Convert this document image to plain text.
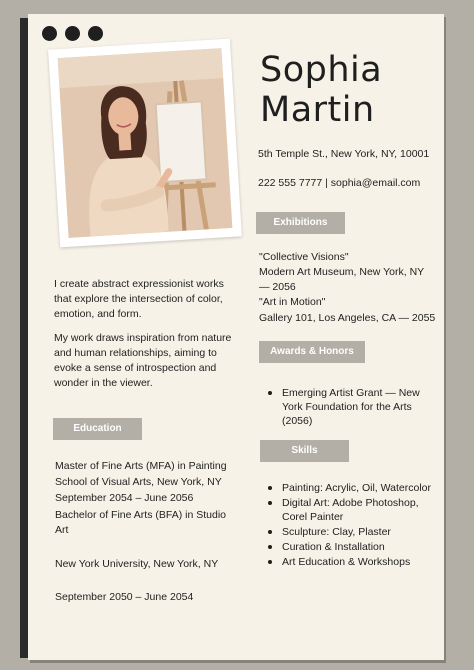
Sophia
Martin
5th Temple St., New York, NY, 10001
222 555 7777 | sophia@email.com

I create abstract expressionist works that explore the intersection of color, emotion, and form.

My work draws inspiration from nature and human relationships, aiming to evoke a sense of introspection and wonder in the viewer.

Education
Master of Fine Arts (MFA) in Painting
School of Visual Arts, New York, NY
September 2054 – June 2056
Bachelor of Fine Arts (BFA) in Studio Art
New York University, New York, NY
September 2050 – June 2054
Exhibitions
"Collective Visions"
Modern Art Museum, New York, NY — 2056
"Art in Motion"
Gallery 101, Los Angeles, CA — 2055
Awards & Honors
Emerging Artist Grant — New York Foundation for the Arts (2056)
Skills
Painting: Acrylic, Oil, Watercolor
Digital Art: Adobe Photoshop, Corel Painter
Sculpture: Clay, Plaster
Curation & Installation
Art Education & Workshops
